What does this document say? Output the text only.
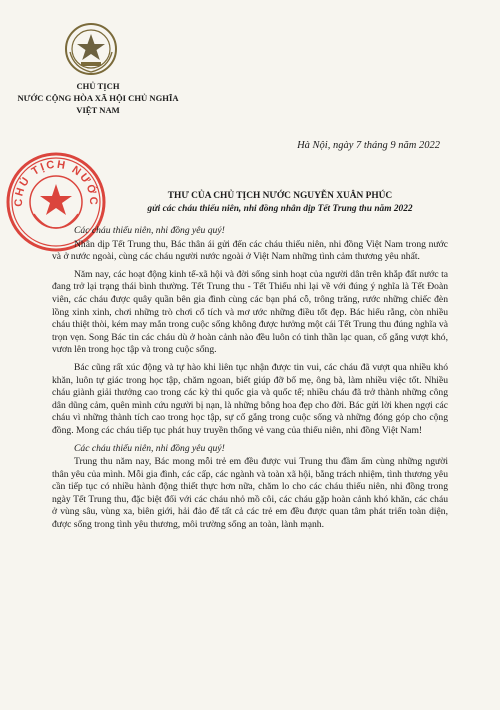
CHỦ TỊCH
NƯỚC CỘNG HÒA XÃ HỘI CHỦ NGHĨA
VIỆT NAM
Hà Nội, ngày 7 tháng 9 năm 2022
CHỦ TỊCH NƯỚC
THƯ CỦA CHỦ TỊCH NƯỚC NGUYỄN XUÂN PHÚC
gửi các cháu thiếu niên, nhi đồng nhân dịp Tết Trung thu năm 2022

Các cháu thiếu niên, nhi đồng yêu quý!

Nhân dịp Tết Trung thu, Bác thân ái gửi đến các cháu thiếu niên, nhi đồng Việt Nam trong nước và ở nước ngoài, cùng các cháu người nước ngoài ở Việt Nam những tình cảm thương yêu nhất.

Năm nay, các hoạt động kinh tế-xã hội và đời sống sinh hoạt của người dân trên khắp đất nước ta đang trở lại trạng thái bình thường. Tết Trung thu - Tết Thiếu nhi lại về với đúng ý nghĩa là Tết Đoàn viên, các cháu được quây quần bên gia đình cùng các bạn phá cỗ, trông trăng, rước những chiếc đèn lồng xinh xinh, chơi những trò chơi cổ tích và mơ ước những điều tốt đẹp. Bác hiểu rằng, còn nhiều cháu thiệt thòi, kém may mắn trong cuộc sống không được hưởng một cái Tết Trung thu đúng nghĩa và trọn vẹn. Song Bác tin các cháu dù ở hoàn cảnh nào đều luôn có tinh thần lạc quan, cố gắng vượt khó, vươn lên trong học tập và trong cuộc sống.

Bác cũng rất xúc động và tự hào khi liên tục nhận được tin vui, các cháu đã vượt qua nhiều khó khăn, luôn tự giác trong học tập, chăm ngoan, biết giúp đỡ bố mẹ, ông bà, làm nhiều việc tốt. Nhiều cháu giành giải thưởng cao trong các kỳ thi quốc gia và quốc tế; nhiều cháu đã trở thành những công dân dũng cảm, quên mình cứu người bị nạn, là những bông hoa đẹp cho đời. Bác gửi lời khen ngợi các cháu vì những thành tích cao trong học tập, sự cố gắng trong cuộc sống và những đóng góp cho cộng đồng. Mong các cháu tiếp tục phát huy truyền thống vẻ vang của thiếu niên, nhi đồng Việt Nam!

Các cháu thiếu niên, nhi đồng yêu quý!

Trung thu năm nay, Bác mong mỗi trẻ em đều được vui Trung thu đầm ấm cùng những người thân yêu của mình. Mỗi gia đình, các cấp, các ngành và toàn xã hội, bằng trách nhiệm, tình thương yêu cần tiếp tục có nhiều hành động thiết thực hơn nữa, chăm lo cho các cháu thiếu niên, nhi đồng trong ngày Tết Trung thu, đặc biệt đối với các cháu nhỏ mồ côi, các cháu gặp hoàn cảnh khó khăn, các cháu ở vùng sâu, vùng xa, biên giới, hải đảo để tất cả các trẻ em đều được quan tâm phát triển toàn diện, được sống trong tình yêu thương, môi trường sống an toàn, lành mạnh.
